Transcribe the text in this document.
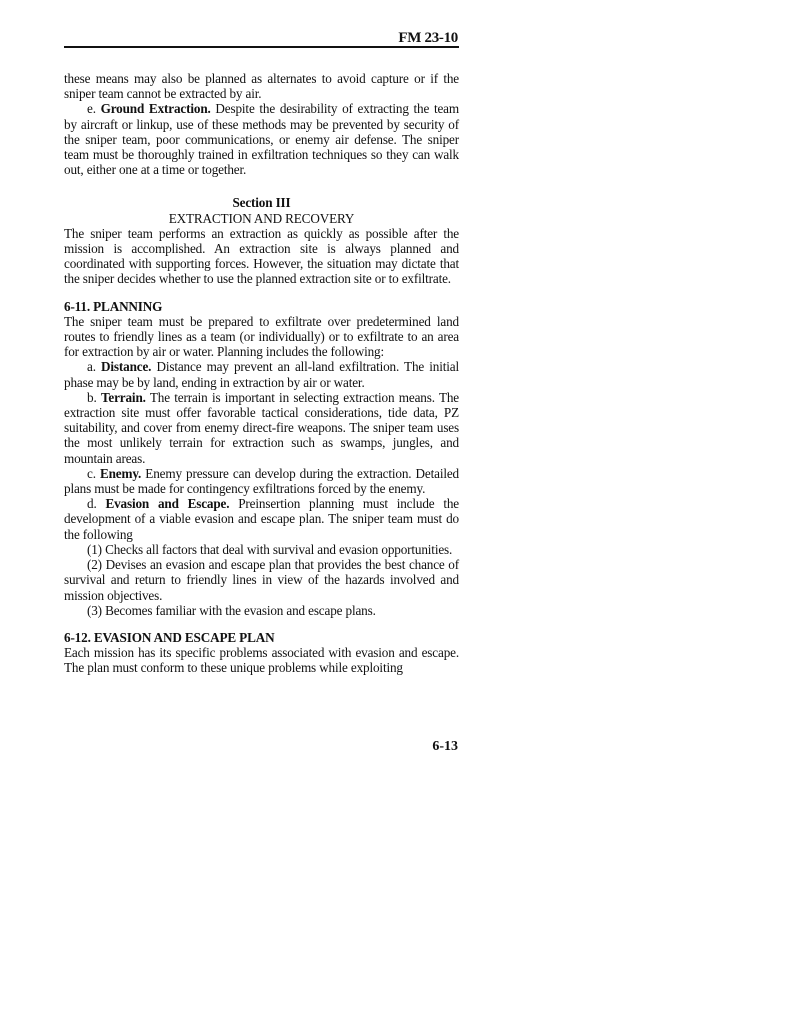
FM 23-10

these means may also be planned as alternates to avoid capture or if the sniper team cannot be extracted by air.

e. Ground Extraction. Despite the desirability of extracting the team by aircraft or linkup, use of these methods may be prevented by security of the sniper team, poor communications, or enemy air defense. The sniper team must be thoroughly trained in exfiltration techniques so they can walk out, either one at a time or together.

Section III

EXTRACTION AND RECOVERY

The sniper team performs an extraction as quickly as possible after the mission is accomplished. An extraction site is always planned and coordinated with supporting forces. However, the situation may dictate that the sniper decides whether to use the planned extraction site or to exfiltrate.

6-11. PLANNING

The sniper team must be prepared to exfiltrate over predetermined land routes to friendly lines as a team (or individually) or to exfiltrate to an area for extraction by air or water. Planning includes the following:

a. Distance. Distance may prevent an all-land exfiltration. The initial phase may be by land, ending in extraction by air or water.

b. Terrain. The terrain is important in selecting extraction means. The extraction site must offer favorable tactical considerations, tide data, PZ suitability, and cover from enemy direct-fire weapons. The sniper team uses the most unlikely terrain for extraction such as swamps, jungles, and mountain areas.

c. Enemy. Enemy pressure can develop during the extraction. Detailed plans must be made for contingency exfiltrations forced by the enemy.

d. Evasion and Escape. Preinsertion planning must include the development of a viable evasion and escape plan. The sniper team must do the following

(1) Checks all factors that deal with survival and evasion opportunities.

(2) Devises an evasion and escape plan that provides the best chance of survival and return to friendly lines in view of the hazards involved and mission objectives.

(3) Becomes familiar with the evasion and escape plans.

6-12. EVASION AND ESCAPE PLAN

Each mission has its specific problems associated with evasion and escape. The plan must conform to these unique problems while exploiting

6-13
